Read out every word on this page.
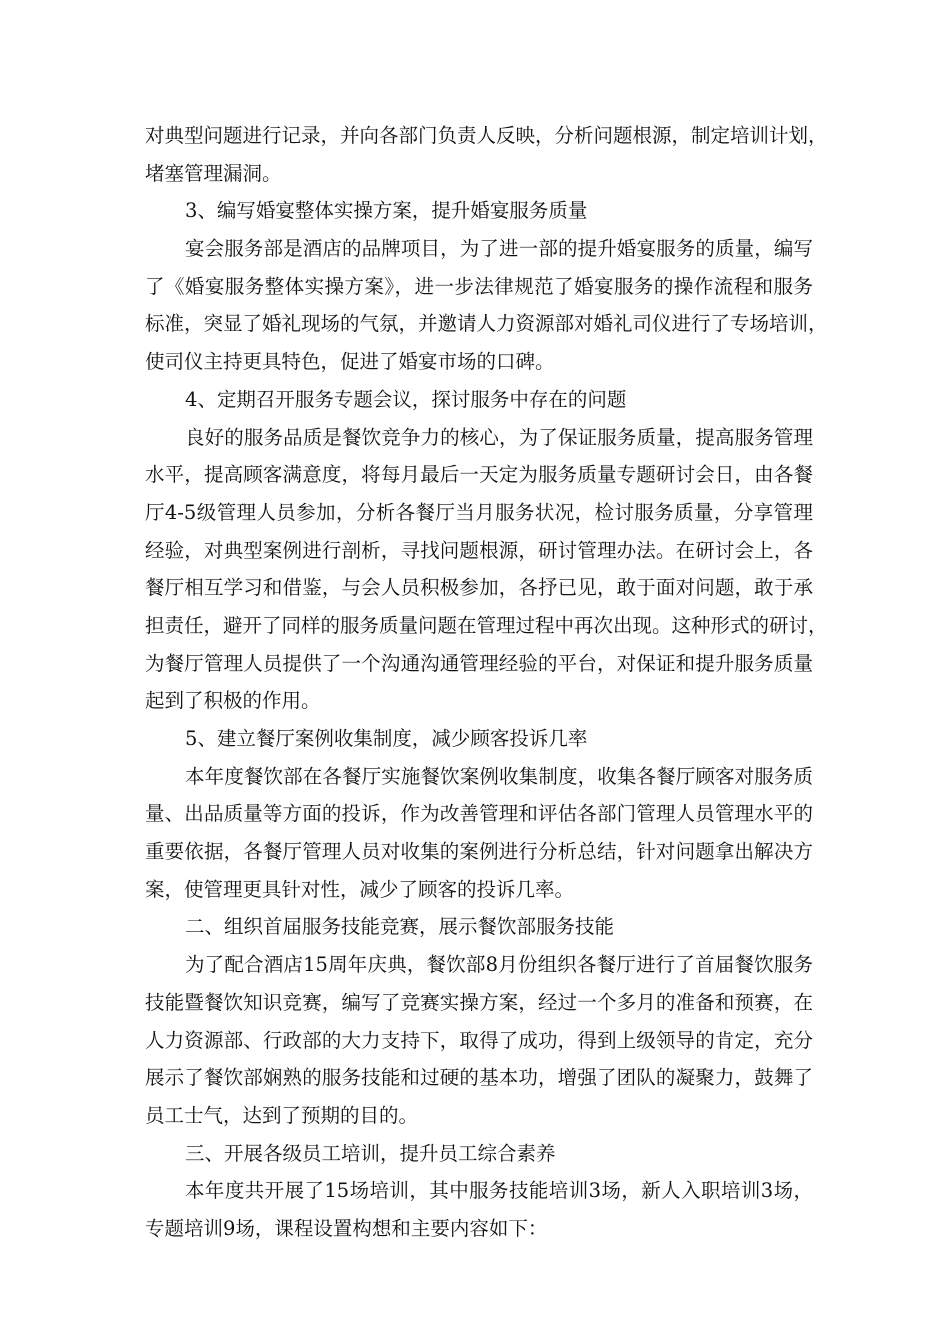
对典型问题进行记录，并向各部门负责人反映，分析问题根源，制定培训计划，
堵塞管理漏洞。
3、编写婚宴整体实操方案，提升婚宴服务质量
宴会服务部是酒店的品牌项目，为了进一部的提升婚宴服务的质量，编写
了《婚宴服务整体实操方案》，进一步法律规范了婚宴服务的操作流程和服务
标准，突显了婚礼现场的气氛，并邀请人力资源部对婚礼司仪进行了专场培训，
使司仪主持更具特色，促进了婚宴市场的口碑。
4、定期召开服务专题会议，探讨服务中存在的问题
良好的服务品质是餐饮竞争力的核心，为了保证服务质量，提高服务管理
水平，提高顾客满意度，将每月最后一天定为服务质量专题研讨会日，由各餐
厅4-5级管理人员参加，分析各餐厅当月服务状况，检讨服务质量，分享管理
经验，对典型案例进行剖析，寻找问题根源，研讨管理办法。在研讨会上，各
餐厅相互学习和借鉴，与会人员积极参加，各抒已见，敢于面对问题，敢于承
担责任，避开了同样的服务质量问题在管理过程中再次出现。这种形式的研讨，
为餐厅管理人员提供了一个沟通沟通管理经验的平台，对保证和提升服务质量
起到了积极的作用。
5、建立餐厅案例收集制度，减少顾客投诉几率
本年度餐饮部在各餐厅实施餐饮案例收集制度，收集各餐厅顾客对服务质
量、出品质量等方面的投诉，作为改善管理和评估各部门管理人员管理水平的
重要依据，各餐厅管理人员对收集的案例进行分析总结，针对问题拿出解决方
案，使管理更具针对性，减少了顾客的投诉几率。
二、组织首届服务技能竞赛，展示餐饮部服务技能
为了配合酒店15周年庆典，餐饮部8月份组织各餐厅进行了首届餐饮服务
技能暨餐饮知识竞赛，编写了竞赛实操方案，经过一个多月的准备和预赛，在
人力资源部、行政部的大力支持下，取得了成功，得到上级领导的肯定，充分
展示了餐饮部娴熟的服务技能和过硬的基本功，增强了团队的凝聚力，鼓舞了
员工士气，达到了预期的目的。
三、开展各级员工培训，提升员工综合素养
本年度共开展了15场培训，其中服务技能培训3场，新人入职培训3场，
专题培训9场，课程设置构想和主要内容如下：
